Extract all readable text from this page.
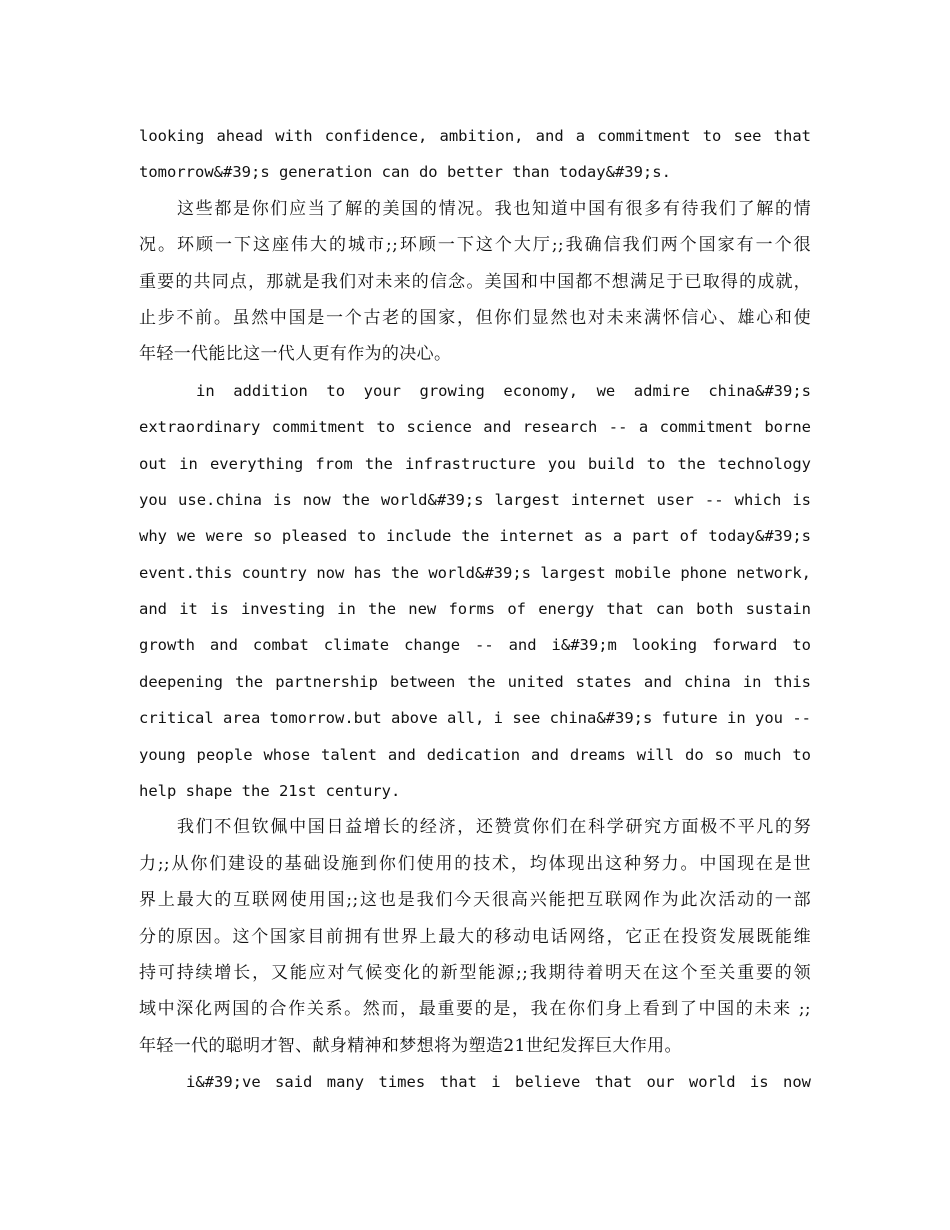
looking ahead with confidence, ambition, and a commitment to see that
tomorrow&#39;s generation can do better than today&#39;s.
这些都是你们应当了解的美国的情况。我也知道中国有很多有待我们了解的情
况。环顾一下这座伟大的城市;;环顾一下这个大厅;;我确信我们两个国家有一个很
重要的共同点，那就是我们对未来的信念。美国和中国都不想满足于已取得的成就，
止步不前。虽然中国是一个古老的国家，但你们显然也对未来满怀信心、雄心和使
年轻一代能比这一代人更有作为的决心。
in addition to your growing economy, we admire china&#39;s
extraordinary commitment to science and research -- a commitment borne
out in everything from the infrastructure you build to the technology
you use.china is now the world&#39;s largest internet user -- which is
why we were so pleased to include the internet as a part of today&#39;s
event.this country now has the world&#39;s largest mobile phone network,
and it is investing in the new forms of energy that can both sustain
growth and combat climate change -- and i&#39;m looking forward to
deepening the partnership between the united states and china in this
critical area tomorrow.but above all, i see china&#39;s future in you --
young people whose talent and dedication and dreams will do so much to
help shape the 21st century.
我们不但钦佩中国日益增长的经济，还赞赏你们在科学研究方面极不平凡的努
力;;从你们建设的基础设施到你们使用的技术，均体现出这种努力。中国现在是世
界上最大的互联网使用国;;这也是我们今天很高兴能把互联网作为此次活动的一部
分的原因。这个国家目前拥有世界上最大的移动电话网络，它正在投资发展既能维
持可持续增长，又能应对气候变化的新型能源;;我期待着明天在这个至关重要的领
域中深化两国的合作关系。然而，最重要的是，我在你们身上看到了中国的未来 ;;
年轻一代的聪明才智、献身精神和梦想将为塑造21世纪发挥巨大作用。
i&#39;ve said many times that i believe that our world is now
